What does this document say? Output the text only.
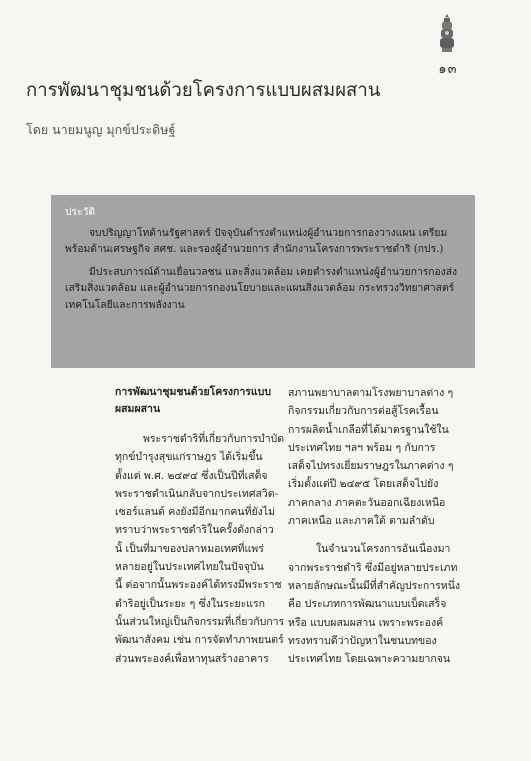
๑๓
การพัฒนาชุมชนด้วยโครงการแบบผสมผสาน
โดย นายมนูญ มุกข์ประดิษฐ์
ประวัติ

จบปริญญาโทด้านรัฐศาสตร์ ปัจจุบันดำรงตำแหน่งผู้อำนวยการกองวางแผน เตรียมพร้อมด้านเศรษฐกิจ สศช. และรองผู้อำนวยการ สำนักงานโครงการพระราชดำริ (กปร.)

มีประสบการณ์ด้านเยื่อนวลชน และสิ่งแวดล้อม เคยดำรงตำแหน่งผู้อำนวยการกองส่งเสริมสิ่งแวดล้อม และผู้อำนวยการกองนโยบายและแผนสิ่งแวดล้อม กระทรวงวิทยาศาสตร์เทคโนโลยีและการพลังงาน

การพัฒนาชุมชนด้วยโครงการแบบ
ผสมผสาน
พระราชดำริที่เกี่ยวกับการบำบัด
ทุกข์บำรุงสุขแก่ราษฎร ได้เริ่มขึ้น
ตั้งแต่ พ.ศ. ๒๔๙๔ ซึ่งเป็นปีที่เสด็จ
พระราชดำเนินกลับจากประเทศสวิต-
เซอร์แลนด์ คงยังมีอีกมากคนที่ยังไม่
ทราบว่าพระราชดำริในครั้งดังกล่าว
นั้ เป็นที่มาของปลาหมอเทศที่แพร่
หลายอยู่ในประเทศไทยในปัจจุบัน
นี้ ต่อจากนั้นพระองค์ได้ทรงมีพระราช
ดำริอยู่เป็นระยะ ๆ ซึ่งในระยะแรก
นั้นส่วนใหญ่เป็นกิจกรรมที่เกี่ยวกับการ
พัฒนาสังคม เช่น การจัดทำภาพยนตร์
ส่วนพระองค์เพื่อหาทุนสร้างอาคาร
สภานพยาบาลตามโรงพยาบาลต่าง ๆ
กิจกรรมเกี่ยวกับการต่อสู้โรคเรื้อน
การผลิตน้ำเกลือที่ได้มาตรฐานใช้ใน
ประเทศไทย ฯลฯ พร้อม ๆ กับการ
เสด็จไปทรงเยี่ยมราษฎรในภาคต่าง ๆ
เริ่มตั้งแต่ปี ๒๔๙๕ โดยเสด็จไปยัง
ภาคกลาง ภาคตะวันออกเฉียงเหนือ
ภาคเหนือ และภาคใต้ ตามลำดับ
ในจำนวนโครงการอันเนื่องมา
จากพระราชดำริ ซึ่งมีอยู่หลายประเภท
หลายลักษณะนั้นมีที่สำคัญประการหนึ่ง
คือ ประเภทการพัฒนาแบบเบ็ดเสร็จ
หรือ แบบผสมผสาน เพราะพระองค์
ทรงทราบดีว่าปัญหาในชนบทของ
ประเทศไทย โดยเฉพาะความยากจน
